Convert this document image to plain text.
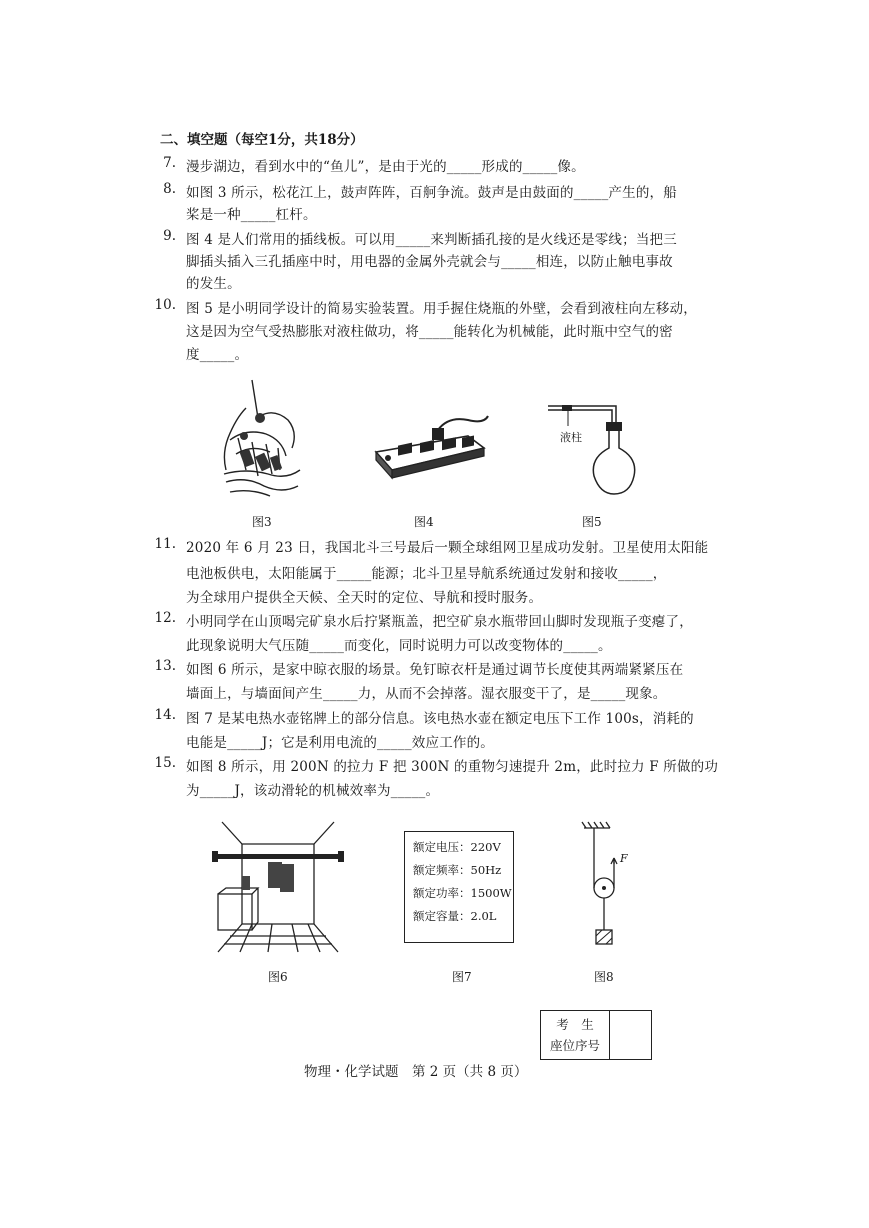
二、填空题（每空1分，共18分）
7. 漫步湖边，看到水中的“鱼儿”，是由于光的_____形成的_____像。
8. 如图 3 所示，松花江上，鼓声阵阵，百舸争流。鼓声是由鼓面的_____产生的，船
桨是一种_____杠杆。
9. 图 4 是人们常用的插线板。可以用_____来判断插孔接的是火线还是零线；当把三
脚插头插入三孔插座中时，用电器的金属外壳就会与_____相连，以防止触电事故
的发生。
10. 图 5 是小明同学设计的简易实验装置。用手握住烧瓶的外壁，会看到液柱向左移动，
这是因为空气受热膨胀对液柱做功，将_____能转化为机械能，此时瓶中空气的密
度_____。
图3	图4
液柱
图5
11. 2020 年 6 月 23 日，我国北斗三号最后一颗全球组网卫星成功发射。卫星使用太阳能
电池板供电，太阳能属于_____能源；北斗卫星导航系统通过发射和接收_____，
为全球用户提供全天候、全天时的定位、导航和授时服务。
12. 小明同学在山顶喝完矿泉水后拧紧瓶盖，把空矿泉水瓶带回山脚时发现瓶子变瘪了，
此现象说明大气压随_____而变化，同时说明力可以改变物体的_____。
13. 如图 6 所示，是家中晾衣服的场景。免钉晾衣杆是通过调节长度使其两端紧紧压在
墙面上，与墙面间产生_____力，从而不会掉落。湿衣服变干了，是_____现象。
14. 图 7 是某电热水壶铭牌上的部分信息。该电热水壶在额定电压下工作 100s，消耗的
电能是_____J；它是利用电流的_____效应工作的。
15. 如图 8 所示，用 200N 的拉力 F 把 300N 的重物匀速提升 2m，此时拉力 F 所做的功
为_____J，该动滑轮的机械效率为_____。
图6
额定电压：220V
额定频率：50Hz
额定功率：1500W
额定容量：2.0L
图7
F
图8
考　生
座位序号
物理・化学试题　第 2 页（共 8 页）
